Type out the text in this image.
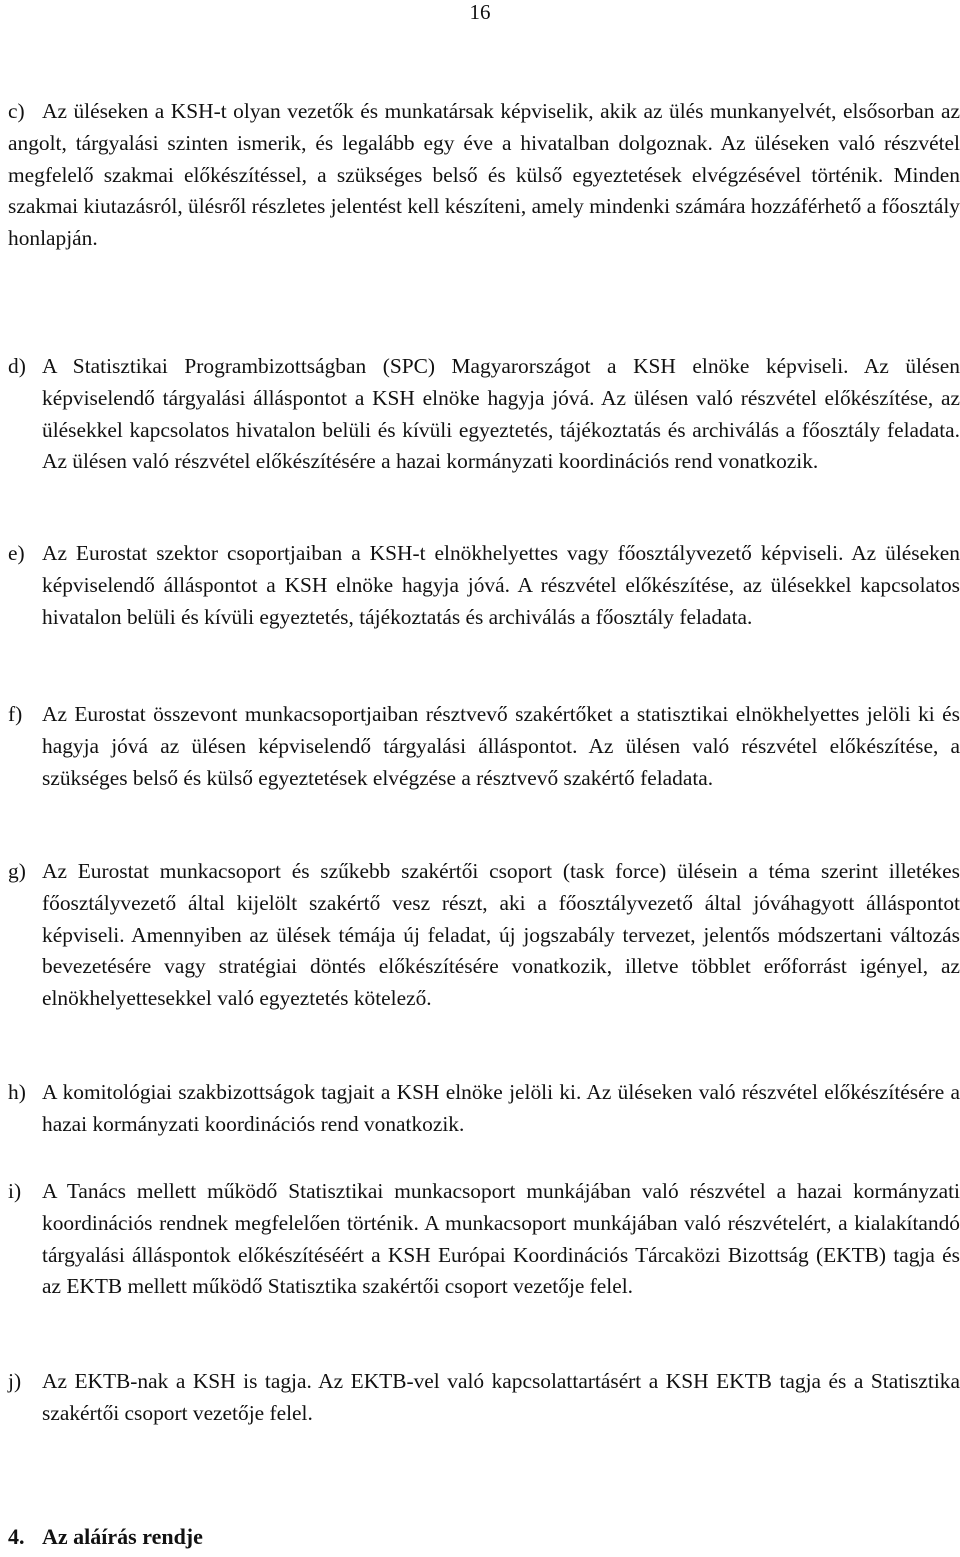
16
c) Az üléseken a KSH-t olyan vezetők és munkatársak képviselik, akik az ülés munkanyelvét, elsősorban az angolt, tárgyalási szinten ismerik, és legalább egy éve a hivatalban dolgoznak. Az üléseken való részvétel megfelelő szakmai előkészítéssel, a szükséges belső és külső egyeztetések elvégzésével történik. Minden szakmai kiutazásról, ülésről részletes jelentést kell készíteni, amely mindenki számára hozzáférhető a főosztály honlapján.
d) A Statisztikai Programbizottságban (SPC) Magyarországot a KSH elnöke képviseli. Az ülésen képviselendő tárgyalási álláspontot a KSH elnöke hagyja jóvá. Az ülésen való részvétel előkészítése, az ülésekkel kapcsolatos hivatalon belüli és kívüli egyeztetés, tájékoztatás és archiválás a főosztály feladata. Az ülésen való részvétel előkészítésére a hazai kormányzati koordinációs rend vonatkozik.
e) Az Eurostat szektor csoportjaiban a KSH-t elnökhelyettes vagy főosztályvezető képviseli. Az üléseken képviselendő álláspontot a KSH elnöke hagyja jóvá. A részvétel előkészítése, az ülésekkel kapcsolatos hivatalon belüli és kívüli egyeztetés, tájékoztatás és archiválás a főosztály feladata.
f) Az Eurostat összevont munkacsoportjaiban résztvevő szakértőket a statisztikai elnökhelyettes jelöli ki és hagyja jóvá az ülésen képviselendő tárgyalási álláspontot. Az ülésen való részvétel előkészítése, a szükséges belső és külső egyeztetések elvégzése a résztvevő szakértő feladata.
g) Az Eurostat munkacsoport és szűkebb szakértői csoport (task force) ülésein a téma szerint illetékes főosztályvezető által kijelölt szakértő vesz részt, aki a főosztályvezető által jóváhagyott álláspontot képviseli. Amennyiben az ülések témája új feladat, új jogszabály tervezet, jelentős módszertani változás bevezetésére vagy stratégiai döntés előkészítésére vonatkozik, illetve többlet erőforrást igényel, az elnökhelyettesekkel való egyeztetés kötelező.
h) A komitológiai szakbizottságok tagjait a KSH elnöke jelöli ki. Az üléseken való részvétel előkészítésére a hazai kormányzati koordinációs rend vonatkozik.
i) A Tanács mellett működő Statisztikai munkacsoport munkájában való részvétel a hazai kormányzati koordinációs rendnek megfelelően történik. A munkacsoport munkájában való részvételért, a kialakítandó tárgyalási álláspontok előkészítéséért a KSH Európai Koordinációs Tárcaközi Bizottság (EKTB) tagja és az EKTB mellett működő Statisztika szakértői csoport vezetője felel.
j) Az EKTB-nak a KSH is tagja. Az EKTB-vel való kapcsolattartásért a KSH EKTB tagja és a Statisztika szakértői csoport vezetője felel.
4. Az aláírás rendje
